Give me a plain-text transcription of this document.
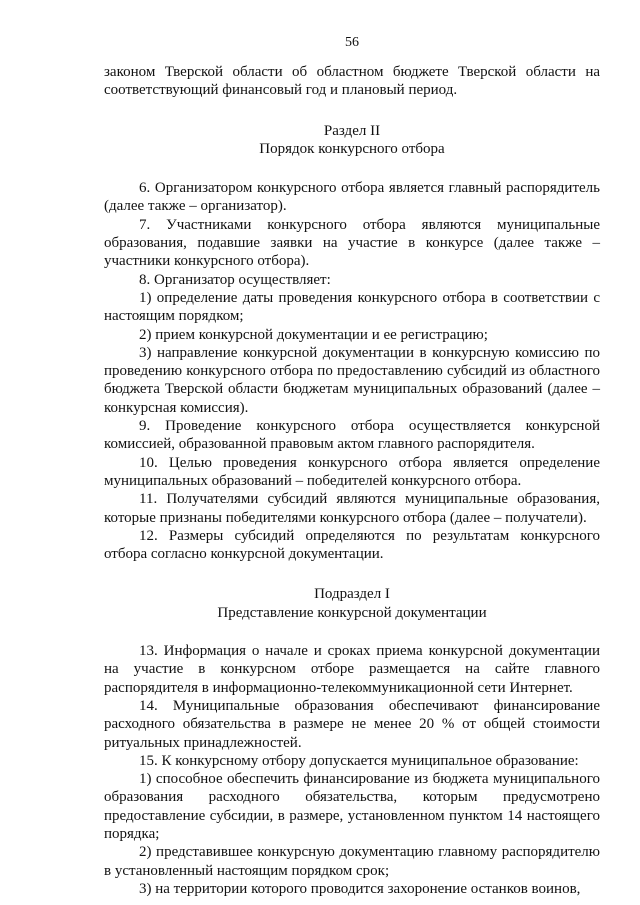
56

законом Тверской области об областном бюджете Тверской области на соответствующий финансовый год и плановый период.

Раздел II
Порядок конкурсного отбора

6. Организатором конкурсного отбора является главный распорядитель (далее также – организатор).

7. Участниками конкурсного отбора являются муниципальные образования, подавшие заявки на участие в конкурсе (далее также – участники конкурсного отбора).

8. Организатор осуществляет:

1) определение даты проведения конкурсного отбора в соответствии с настоящим порядком;

2) прием конкурсной документации и ее регистрацию;

3) направление конкурсной документации в конкурсную комиссию по проведению конкурсного отбора по предоставлению субсидий из областного бюджета Тверской области бюджетам муниципальных образований (далее – конкурсная комиссия).

9. Проведение конкурсного отбора осуществляется конкурсной комиссией, образованной правовым актом главного распорядителя.

10. Целью проведения конкурсного отбора является определение муниципальных образований – победителей конкурсного отбора.

11. Получателями субсидий являются муниципальные образования, которые признаны победителями конкурсного отбора (далее – получатели).

12. Размеры субсидий определяются по результатам конкурсного отбора согласно конкурсной документации.

Подраздел I
Представление конкурсной документации

13. Информация о начале и сроках приема конкурсной документации на участие в конкурсном отборе размещается на сайте главного распорядителя в информационно-телекоммуникационной сети Интернет.

14. Муниципальные образования обеспечивают финансирование расходного обязательства в размере не менее 20 % от общей стоимости ритуальных принадлежностей.

15. К конкурсному отбору допускается муниципальное образование:

1) способное обеспечить финансирование из бюджета муниципального образования расходного обязательства, которым предусмотрено предоставление субсидии, в размере, установленном пунктом 14 настоящего порядка;

2) представившее конкурсную документацию главному распорядителю в установленный настоящим порядком срок;

3) на территории которого проводится захоронение останков воинов,
